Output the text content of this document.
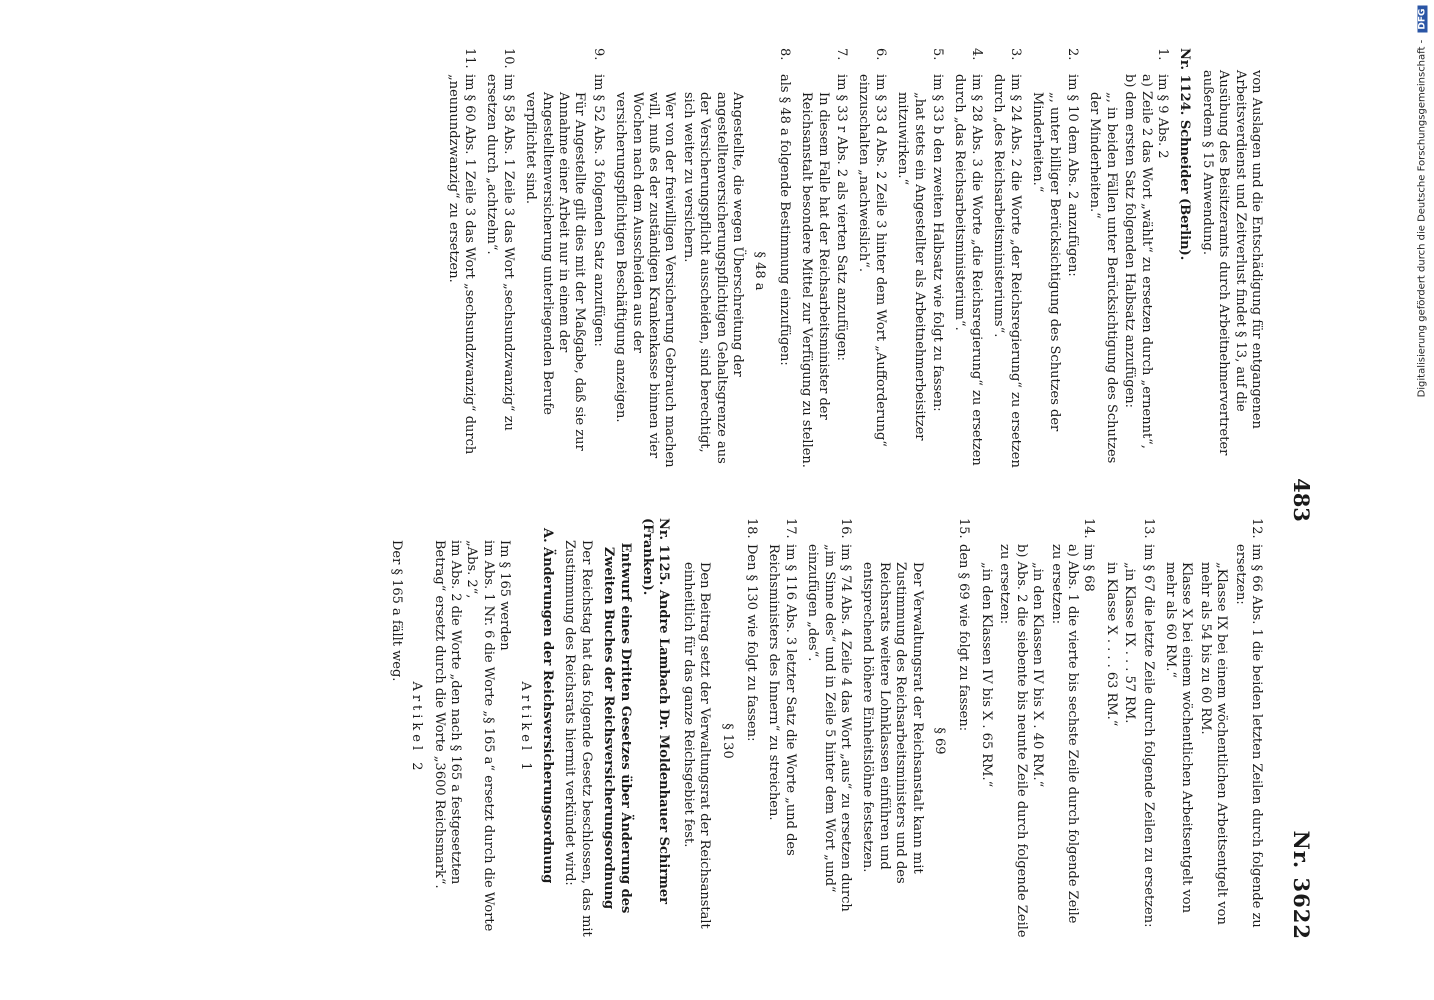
483
Nr. 3622

von Auslagen und die Entschädigung für entgangenen Arbeitsverdienst und Zeitverlust findet § 13, auf die Ausübung des Beisitzeramts durch Arbeitnehmervertreter außerdem § 15 Anwendung.

Nr. 1124. Schneider (Berlin).

1.

im § 9 Abs. 2

a) Zeile 2 das Wort „wählt“ zu ersetzen durch „ernennt“,

b) dem ersten Satz folgenden Halbsatz anzufügen:

„, in beiden Fällen unter Berücksichtigung des Schutzes der Minderheiten.“

2.

im § 10 dem Abs. 2 anzufügen:

„, unter billiger Berücksichtigung des Schutzes der Minderheiten.“

3.

im § 24 Abs. 2 die Worte „der Reichsregierung“ zu ersetzen durch „des Reichsarbeitsministeriums“.

4.

im § 28 Abs. 3 die Worte „die Reichsregierung“ zu ersetzen durch „das Reichsarbeitsministerium“.

5.

im § 33 b den zweiten Halbsatz wie folgt zu fassen:

„hat stets ein Angestellter als Arbeitnehmerbeisitzer mitzuwirken.“

6.

im § 33 d Abs. 2 Zeile 3 hinter dem Wort „Aufforderung“ einzuschalten „nachweislich“.

7.

im § 33 r Abs. 2 als vierten Satz anzufügen:

In diesem Falle hat der Reichsarbeitsminister der Reichsanstalt besondere Mittel zur Verfügung zu stellen.

8.

als § 48 a folgende Bestimmung einzufügen:

§ 48 a

Angestellte, die wegen Überschreitung der angestelltenversicherungspflichtigen Gehaltsgrenze aus der Versicherungspflicht ausscheiden, sind berechtigt, sich weiter zu versichern.

Wer von der freiwilligen Versicherung Gebrauch machen will, muß es der zuständigen Krankenkasse binnen vier Wochen nach dem Ausscheiden aus der versicherungspflichtigen Beschäftigung anzeigen.

9.

im § 52 Abs. 3 folgenden Satz anzufügen:

Für Angestellte gilt dies mit der Maßgabe, daß sie zur Annahme einer Arbeit nur in einem der Angestelltenversicherung unterliegenden Berufe verpflichtet sind.

10.

im § 58 Abs. 1 Zeile 3 das Wort „sechsundzwanzig“ zu ersetzen durch „achtzehn“.

11.

im § 60 Abs. 1 Zeile 3 das Wort „sechsundzwanzig“ durch „neunundzwanzig“ zu ersetzen.

12.

im § 66 Abs. 1 die beiden letzten Zeilen durch folgende zu ersetzen:

„Klasse IX bei einem wöchentlichen Arbeitsentgelt von mehr als 54 bis zu 60 RM.

Klasse X bei einem wöchentlichen Arbeitsentgelt von mehr als 60 RM.“

13.

im § 67 die letzte Zeile durch folgende Zeilen zu ersetzen:

„in Klasse IX . . . 57 RM.

in Klasse X . . . . 63 RM.“

14.

im § 68

a) Abs. 1 die vierte bis sechste Zeile durch folgende Zeile zu ersetzen:

„in den Klassen IV bis X . 40 RM.“

b) Abs. 2 die siebente bis neunte Zeile durch folgende Zeile zu ersetzen:

„in den Klassen IV bis X . 65 RM.“

15.

den § 69 wie folgt zu fassen:

§ 69

Der Verwaltungsrat der Reichsanstalt kann mit Zustimmung des Reichsarbeitsministers und des Reichsrats weitere Lohnklassen einführen und entsprechend höhere Einheitslöhne festsetzen.

16.

im § 74 Abs. 4 Zeile 4 das Wort „aus“ zu ersetzen durch „im Sinne des“ und in Zeile 5 hinter dem Wort „und“ einzufügen „des“.

17.

im § 116 Abs. 3 letzter Satz die Worte „und des Reichsministers des Innern“ zu streichen.

18.

Den § 130 wie folgt zu fassen:

§ 130

Den Beitrag setzt der Verwaltungsrat der Reichsanstalt einheitlich für das ganze Reichsgebiet fest.

Nr. 1125. Andre Lambach Dr. Moldenhauer Schirmer (Franken).

Entwurf eines Dritten Gesetzes über Änderung des Zweiten Buches der Reichsversicherungsordnung

Der Reichstag hat das folgende Gesetz beschlossen, das mit Zustimmung des Reichsrats hiermit verkündet wird:

A. Änderungen der Reichsversicherungsordnung

Artikel 1

Im § 165 werden

im Abs. 1 Nr. 6 die Worte „§ 165 a“ ersetzt durch die Worte „Abs. 2“,

im Abs. 2 die Worte „den nach § 165 a festgesetzten Betrag“ ersetzt durch die Worte „3600 Reichsmark“.

Artikel 2

Der § 165 a fällt weg.

Digitalisierung gefördert durch die Deutsche Forschungsgemeinschaft - DFG
